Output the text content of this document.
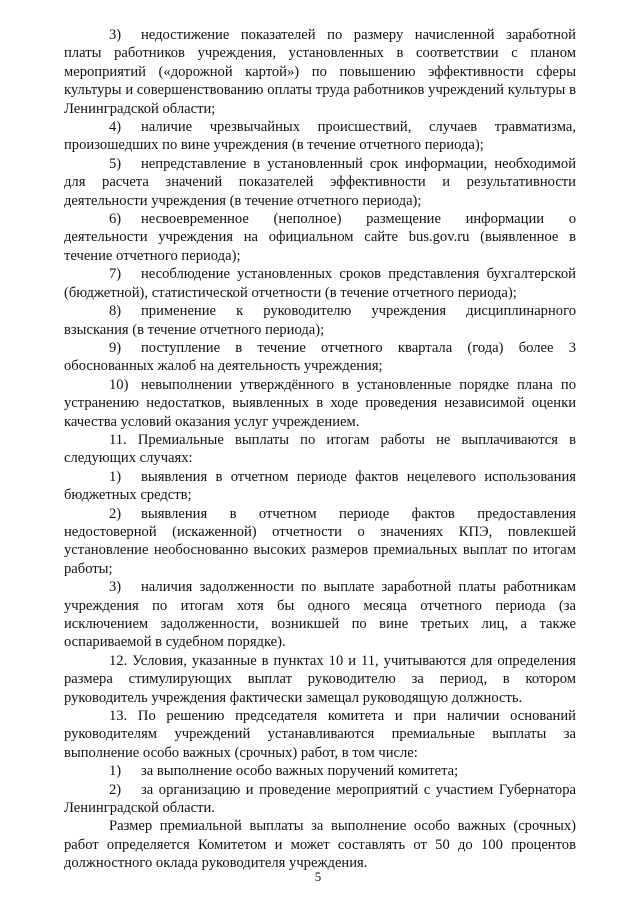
3) недостижение показателей по размеру начисленной заработной платы работников учреждения, установленных в соответствии с планом мероприятий («дорожной картой») по повышению эффективности сферы культуры и совершенствованию оплаты труда работников учреждений культуры в Ленинградской области;

4) наличие чрезвычайных происшествий, случаев травматизма, произошедших по вине учреждения (в течение отчетного периода);

5) непредставление в установленный срок информации, необходимой для расчета значений показателей эффективности и результативности деятельности учреждения (в течение отчетного периода);

6) несвоевременное (неполное) размещение информации о деятельности учреждения на официальном сайте bus.gov.ru (выявленное в течение отчетного периода);

7) несоблюдение установленных сроков представления бухгалтерской (бюджетной), статистической отчетности (в течение отчетного периода);

8) применение к руководителю учреждения дисциплинарного взыскания (в течение отчетного периода);

9) поступление в течение отчетного квартала (года) более 3 обоснованных жалоб на деятельность учреждения;

10) невыполнении утверждённого в установленные порядке плана по устранению недостатков, выявленных в ходе проведения независимой оценки качества условий оказания услуг учреждением.

11. Премиальные выплаты по итогам работы не выплачиваются в следующих случаях:

1) выявления в отчетном периоде фактов нецелевого использования бюджетных средств;

2) выявления в отчетном периоде фактов предоставления недостоверной (искаженной) отчетности о значениях КПЭ, повлекшей установление необоснованно высоких размеров премиальных выплат по итогам работы;

3) наличия задолженности по выплате заработной платы работникам учреждения по итогам хотя бы одного месяца отчетного периода (за исключением задолженности, возникшей по вине третьих лиц, а также оспариваемой в судебном порядке).

12. Условия, указанные в пунктах 10 и 11, учитываются для определения размера стимулирующих выплат руководителю за период, в котором руководитель учреждения фактически замещал руководящую должность.

13. По решению председателя комитета и при наличии оснований руководителям учреждений устанавливаются премиальные выплаты за выполнение особо важных (срочных) работ, в том числе:

1) за выполнение особо важных поручений комитета;

2) за организацию и проведение мероприятий с участием Губернатора Ленинградской области.

Размер премиальной выплаты за выполнение особо важных (срочных) работ определяется Комитетом и может составлять от 50 до 100 процентов должностного оклада руководителя учреждения.

5
